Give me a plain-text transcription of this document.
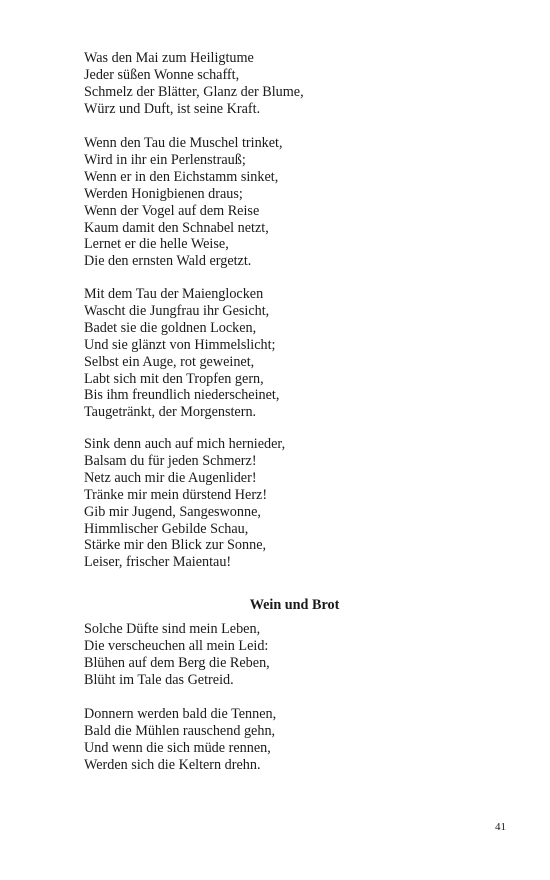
Was den Mai zum Heiligtume
Jeder süßen Wonne schafft,
Schmelz der Blätter, Glanz der Blume,
Würz und Duft, ist seine Kraft.
Wenn den Tau die Muschel trinket,
Wird in ihr ein Perlenstrauß;
Wenn er in den Eichstamm sinket,
Werden Honigbienen draus;
Wenn der Vogel auf dem Reise
Kaum damit den Schnabel netzt,
Lernet er die helle Weise,
Die den ernsten Wald ergetzt.
Mit dem Tau der Maienglocken
Wascht die Jungfrau ihr Gesicht,
Badet sie die goldnen Locken,
Und sie glänzt von Himmelslicht;
Selbst ein Auge, rot geweinet,
Labt sich mit den Tropfen gern,
Bis ihm freundlich niederscheinet,
Taugetränkt, der Morgenstern.
Sink denn auch auf mich hernieder,
Balsam du für jeden Schmerz!
Netz auch mir die Augenlider!
Tränke mir mein dürstend Herz!
Gib mir Jugend, Sangeswonne,
Himmlischer Gebilde Schau,
Stärke mir den Blick zur Sonne,
Leiser, frischer Maientau!
Wein und Brot
Solche Düfte sind mein Leben,
Die verscheuchen all mein Leid:
Blühen auf dem Berg die Reben,
Blüht im Tale das Getreid.
Donnern werden bald die Tennen,
Bald die Mühlen rauschend gehn,
Und wenn die sich müde rennen,
Werden sich die Keltern drehn.
41
